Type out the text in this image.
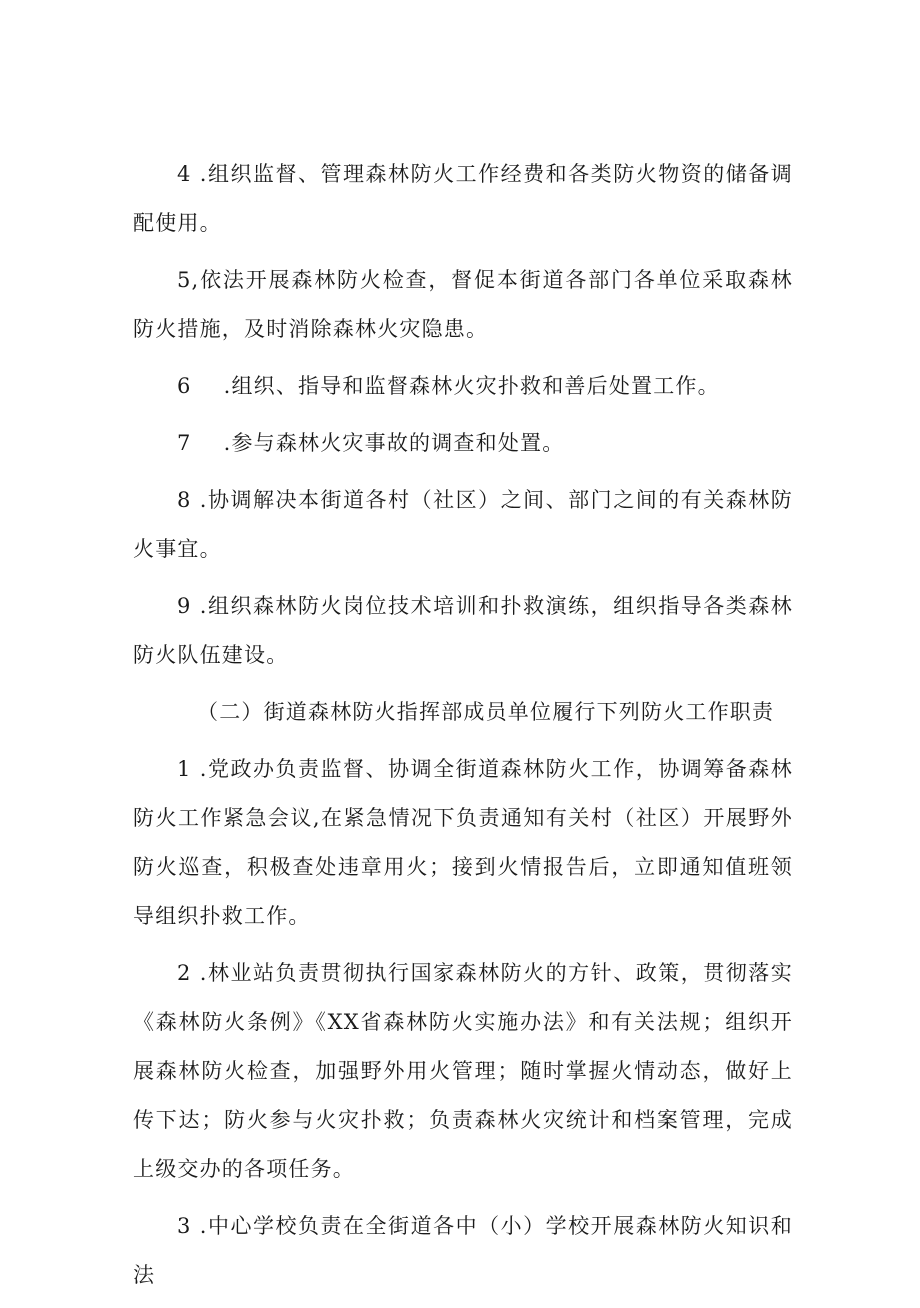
4 .组织监督、管理森林防火工作经费和各类防火物资的储备调配使用。

5,依法开展森林防火检查，督促本街道各部门各单位采取森林防火措施，及时消除森林火灾隐患。

6 .组织、指导和监督森林火灾扑救和善后处置工作。

7 .参与森林火灾事故的调查和处置。

8 .协调解决本街道各村（社区）之间、部门之间的有关森林防火事宜。

9 .组织森林防火岗位技术培训和扑救演练，组织指导各类森林防火队伍建设。

（二）街道森林防火指挥部成员单位履行下列防火工作职责

1 .党政办负责监督、协调全街道森林防火工作，协调筹备森林防火工作紧急会议,在紧急情况下负责通知有关村（社区）开展野外防火巡查，积极查处违章用火；接到火情报告后，立即通知值班领导组织扑救工作。

2 .林业站负责贯彻执行国家森林防火的方针、政策，贯彻落实《森林防火条例》《XX省森林防火实施办法》和有关法规；组织开展森林防火检查，加强野外用火管理；随时掌握火情动态，做好上传下达；防火参与火灾扑救；负责森林火灾统计和档案管理，完成上级交办的各项任务。

3 .中心学校负责在全街道各中（小）学校开展森林防火知识和法
